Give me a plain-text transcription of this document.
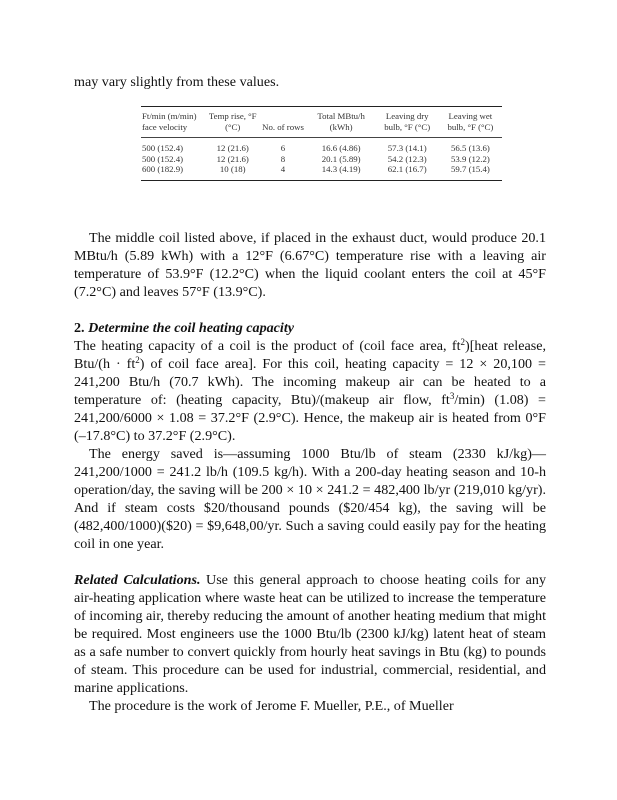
may vary slightly from these values.

Ft/min (m/min) face velocity	Temp rise, °F (°C)	No. of rows	Total MBtu/h (kWh)	Leaving dry bulb, °F (°C)	Leaving wet bulb, °F (°C)

500 (152.4)	12 (21.6)	6	16.6 (4.86)	57.3 (14.1)	56.5 (13.6)
500 (152.4)	12 (21.6)	8	20.1 (5.89)	54.2 (12.3)	53.9 (12.2)
600 (182.9)	10 (18)	4	14.3 (4.19)	62.1 (16.7)	59.7 (15.4)

The middle coil listed above, if placed in the exhaust duct, would produce 20.1 MBtu/h (5.89 kWh) with a 12°F (6.67°C) temperature rise with a leaving air temperature of 53.9°F (12.2°C) when the liquid coolant enters the coil at 45°F (7.2°C) and leaves 57°F (13.9°C).

2. Determine the coil heating capacity

The heating capacity of a coil is the product of (coil face area, $ft^2)[heat$ release, $Btu/(h \cdot ft^2)$ of coil face area]. For this coil, heating capacity = 12 × 20,100 = 241,200 Btu/h (70.7 kWh). The incoming makeup air can be heated to a temperature of: (heating capacity, Btu)/(makeup air flow, $ft^3/\min$) (1.08) = 241,200/6000 × 1.08 = 37.2°F (2.9°C). Hence, the makeup air is heated from 0°F (–17.8°C) to 37.2°F (2.9°C).

The energy saved is—assuming 1000 Btu/lb of steam (2330 kJ/kg)—241,200/1000 = 241.2 lb/h (109.5 kg/h). With a 200-day heating season and 10-h operation/day, the saving will be 200 × 10 × 241.2 = 482,400 lb/yr (219,010 kg/yr). And if steam costs $20/thousand pounds ($20/454 kg), the saving will be (482,400/1000)($20) = $9,648,00/yr. Such a saving could easily pay for the heating coil in one year.

Related Calculations. Use this general approach to choose heating coils for any air-heating application where waste heat can be utilized to increase the temperature of incoming air, thereby reducing the amount of another heating medium that might be required. Most engineers use the 1000 Btu/lb (2300 kJ/kg) latent heat of steam as a safe number to convert quickly from hourly heat savings in Btu (kg) to pounds of steam. This procedure can be used for industrial, commercial, residential, and marine applications.

The procedure is the work of Jerome F. Mueller, P.E., of Mueller
